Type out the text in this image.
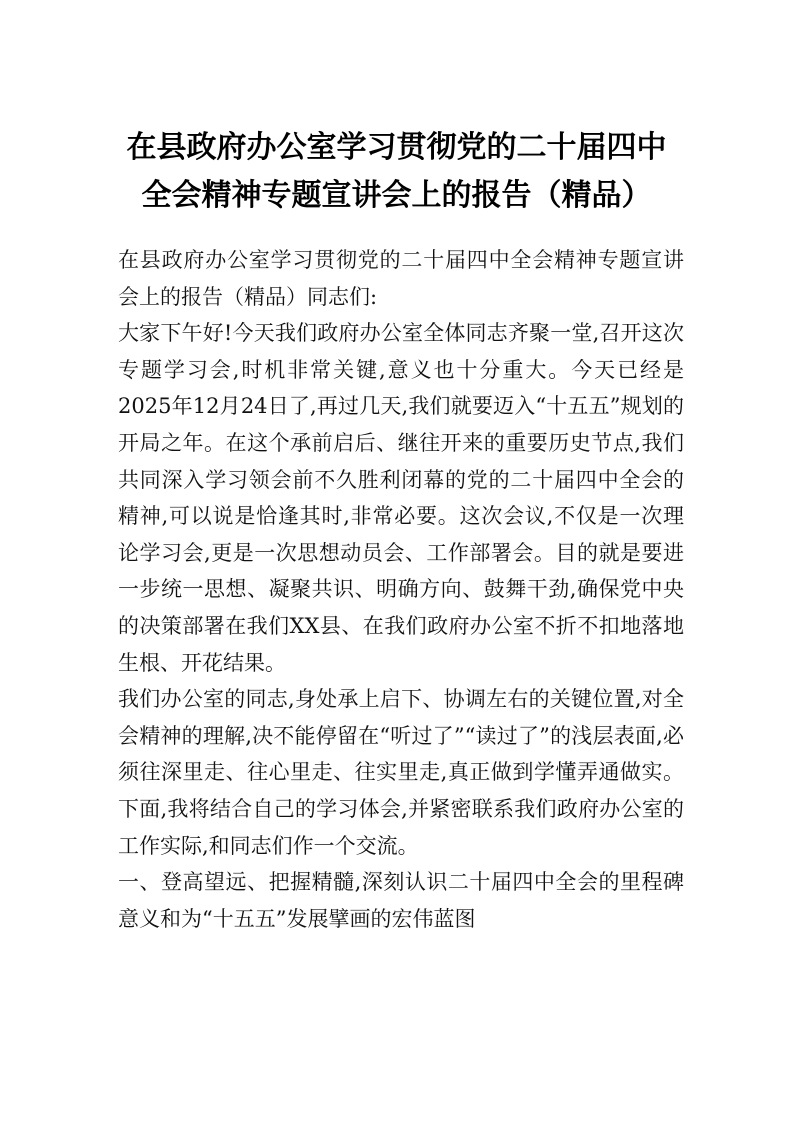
在县政府办公室学习贯彻党的二十届四中
全会精神专题宣讲会上的报告（精品）

在县政府办公室学习贯彻党的二十届四中全会精神专题宣讲会上的报告（精品）同志们:

大家下午好!今天我们政府办公室全体同志齐聚一堂,召开这次专题学习会,时机非常关键,意义也十分重大。今天已经是2025年12月24日了,再过几天,我们就要迈入“十五五”规划的开局之年。在这个承前启后、继往开来的重要历史节点,我们共同深入学习领会前不久胜利闭幕的党的二十届四中全会的精神,可以说是恰逢其时,非常必要。这次会议,不仅是一次理论学习会,更是一次思想动员会、工作部署会。目的就是要进一步统一思想、凝聚共识、明确方向、鼓舞干劲,确保党中央的决策部署在我们XX县、在我们政府办公室不折不扣地落地生根、开花结果。

我们办公室的同志,身处承上启下、协调左右的关键位置,对全会精神的理解,决不能停留在“听过了”“读过了”的浅层表面,必须往深里走、往心里走、往实里走,真正做到学懂弄通做实。下面,我将结合自己的学习体会,并紧密联系我们政府办公室的工作实际,和同志们作一个交流。

一、登高望远、把握精髓,深刻认识二十届四中全会的里程碑意义和为“十五五”发展擘画的宏伟蓝图
